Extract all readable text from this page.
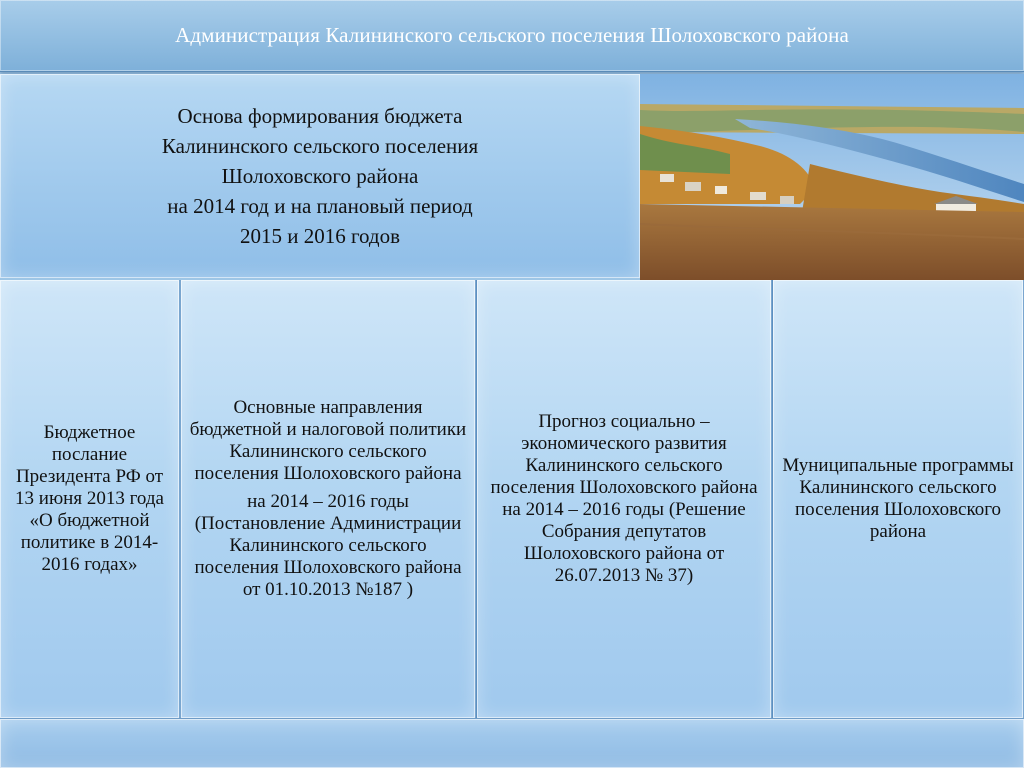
Администрация Калининского сельского поселения Шолоховского района
Основа формирования бюджета
Калининского сельского поселения
Шолоховского района
на 2014 год и на плановый период
2015 и 2016 годов

Бюджетное послание Президента РФ от 13 июня 2013 года «О бюджетной политике в 2014-2016 годах»

Основные направления бюджетной и налоговой политики Калининского сельского поселения Шолоховского района

на 2014 – 2016 годы (Постановление Администрации Калининского сельского поселения Шолоховского района от 01.10.2013 №187 )

Прогноз социально – экономического развития Калининского сельского поселения Шолоховского района на 2014 – 2016 годы (Решение Собрания депутатов Шолоховского района от 26.07.2013 № 37)

Муниципальные программы Калининского сельского поселения Шолоховского района
